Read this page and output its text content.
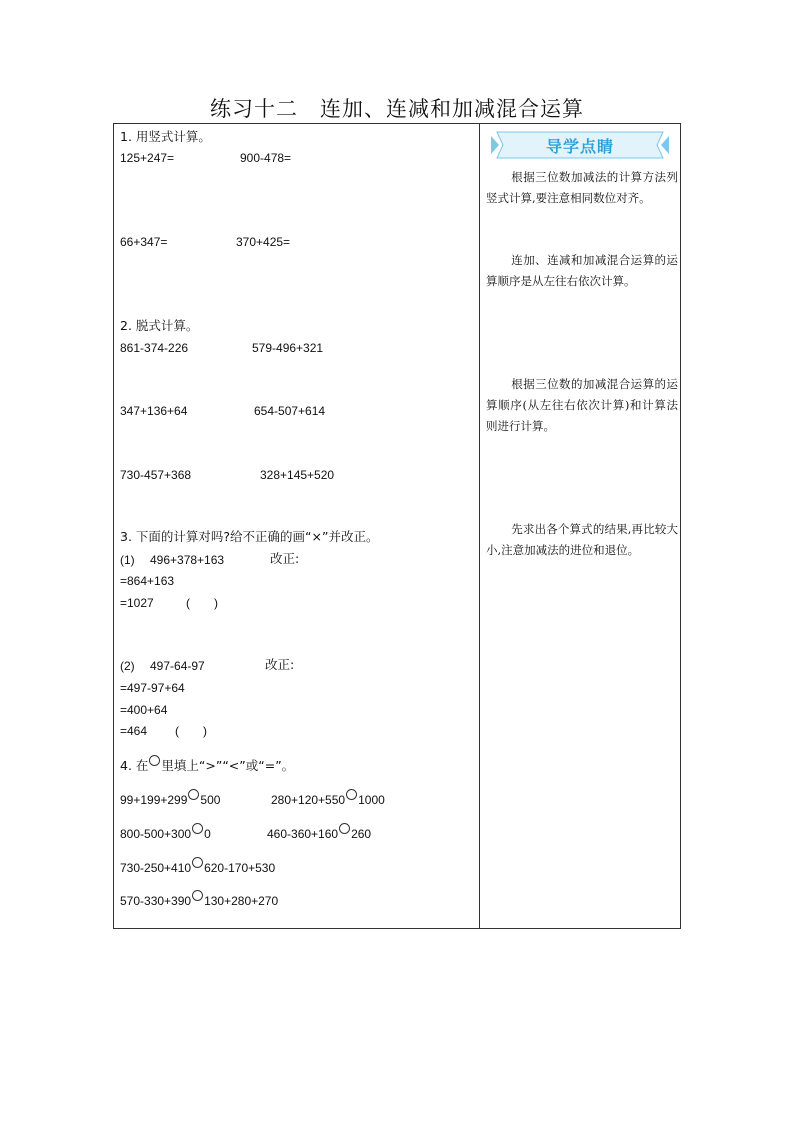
练习十二　连加、连减和加减混合运算
1. 用竖式计算。
125+247=	900-478=
66+347=	370+425=
2. 脱式计算。
861-374-226	579-496+321
347+136+64	654-507+614
730-457+368	328+145+520
3. 下面的计算对吗?给不正确的画“×”并改正。
(1) 496+378+163	改正:
=864+163
=1027	(　　)
(2) 497-64-97	改正:
=497-97+64
=400+64
=464 (　　)
4. 在 里填上“>”“<”或“=”。
99+199+299 500	280+120+550 1000
800-500+300 0	460-360+160 260
730-250+410 620-170+530
570-330+390 130+280+270
导学点睛
根据三位数加减法的计算方法列竖式计算,要注意相同数位对齐。
连加、连减和加减混合运算的运算顺序是从左往右依次计算。
根据三位数的加减混合运算的运算顺序(从左往右依次计算)和计算法则进行计算。
先求出各个算式的结果,再比较大小,注意加减法的进位和退位。
